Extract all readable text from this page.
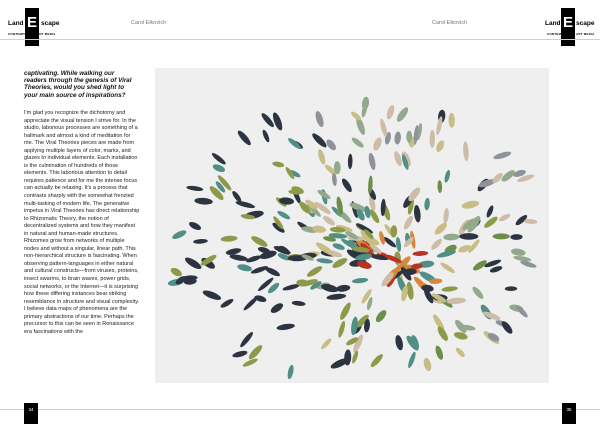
Land E scape
CONTEMPORARY ART MEDIA
Carol Elkovich

captivating. While walking our readers through the genesis of Viral Theories, would you shed light to your main source of inspirations?

I'm glad you recognize the dichotomy and appreciate the visual tension I strive for. In the studio, laborious processes are something of a hallmark and almost a kind of meditation for me. The Viral Theories pieces are made from applying multiple layers of color, marks, and glazes to individual elements. Each installation is the culmination of hundreds of those elements. This laborious attention to detail requires patience and for me the intense focus can actually be relaxing. It's a process that contrasts sharply with the somewhat frenzied multi-tasking of modern life. The generative impetus in Viral Theories has direct relationship to Rhizomatic Theory, the notion of decentralized systems and how they manifest in natural and human-made structures. Rhizomes grow from networks of multiple nodes and without a singular, linear path. This non-hierarchical structure is fascinating. When observing pattern-languages in either natural and cultural constructs—from viruses, proteins, insect swarms, to brain waves, power grids, social networks, or the Internet—it is surprising how these differing instances bear striking resemblance in structure and visual complexity. I believe data maps of phenomena are the primary abstractions of our time. Perhaps the precursor to this can be seen in Renaissance era fascinations with the

34
Carol Elkovich	Land E scape
CONTEMPORARY ART MEDIA
35
